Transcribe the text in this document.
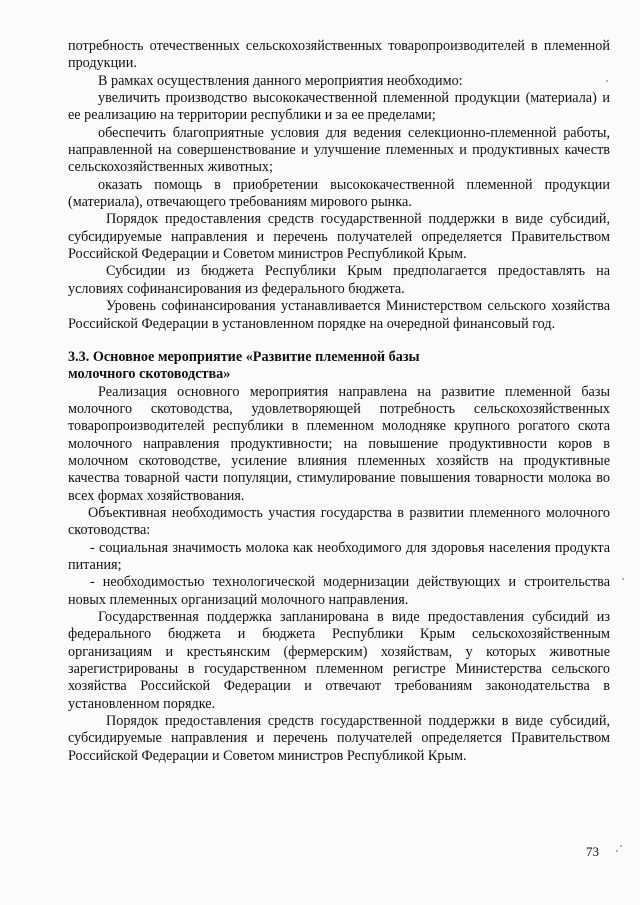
потребность отечественных сельскохозяйственных товаропроизводителей в племенной продукции.

В рамках осуществления данного мероприятия необходимо:

увеличить производство высококачественной племенной продукции (материала) и ее реализацию на территории республики и за ее пределами;

обеспечить благоприятные условия для ведения селекционно-племенной работы, направленной на совершенствование и улучшение племенных и продуктивных качеств сельскохозяйственных животных;

оказать помощь в приобретении высококачественной племенной продукции (материала), отвечающего требованиям мирового рынка.

Порядок предоставления средств государственной поддержки в виде субсидий, субсидируемые направления и перечень получателей определяется Правительством Российской Федерации и Советом министров Республикой Крым.

Субсидии из бюджета Республики Крым предполагается предоставлять на условиях софинансирования из федерального бюджета.

Уровень софинансирования устанавливается Министерством сельского хозяйства Российской Федерации в установленном порядке на очередной финансовый год.

3.3. Основное мероприятие «Развитие племенной базы

молочного скотоводства»

Реализация основного мероприятия направлена на развитие племенной базы молочного скотоводства, удовлетворяющей потребность сельскохозяйственных товаропроизводителей республики в племенном молодняке крупного рогатого скота молочного направления продуктивности; на повышение продуктивности коров в молочном скотоводстве, усиление влияния племенных хозяйств на продуктивные качества товарной части популяции, стимулирование повышения товарности молока во всех формах хозяйствования.

Объективная необходимость участия государства в развитии племенного молочного скотоводства:

- социальная значимость молока как необходимого для здоровья населения продукта питания;

- необходимостью технологической модернизации действующих и строительства новых племенных организаций молочного направления.

Государственная поддержка запланирована в виде предоставления субсидий из федерального бюджета и бюджета Республики Крым сельскохозяйственным организациям и крестьянским (фермерским) хозяйствам, у которых животные зарегистрированы в государственном племенном регистре Министерства сельского хозяйства Российской Федерации и отвечают требованиям законодательства в установленном порядке.

Порядок предоставления средств государственной поддержки в виде субсидий, субсидируемые направления и перечень получателей определяется Правительством Российской Федерации и Советом министров Республикой Крым.

73
